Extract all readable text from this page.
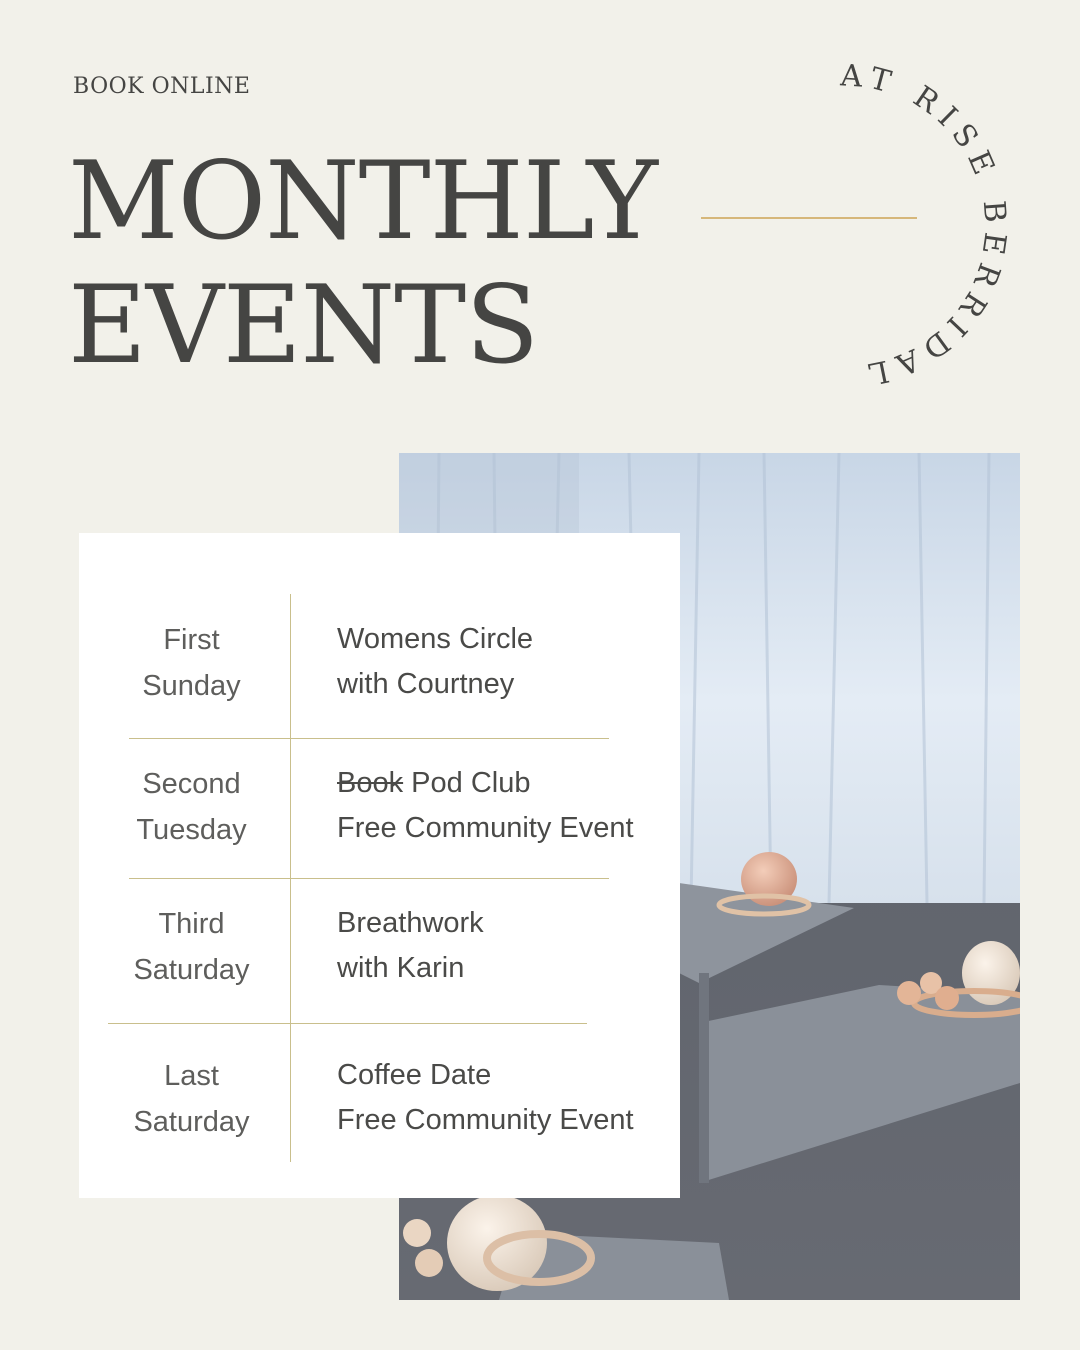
BOOK ONLINE
MONTHLY
EVENTS
AT RISE BERRIDALE
First
Sunday
Womens Circle
with Courtney
Second
Tuesday
Book Pod Club
Free Community Event
Third
Saturday
Breathwork
with Karin
Last
Saturday
Coffee Date
Free Community Event
